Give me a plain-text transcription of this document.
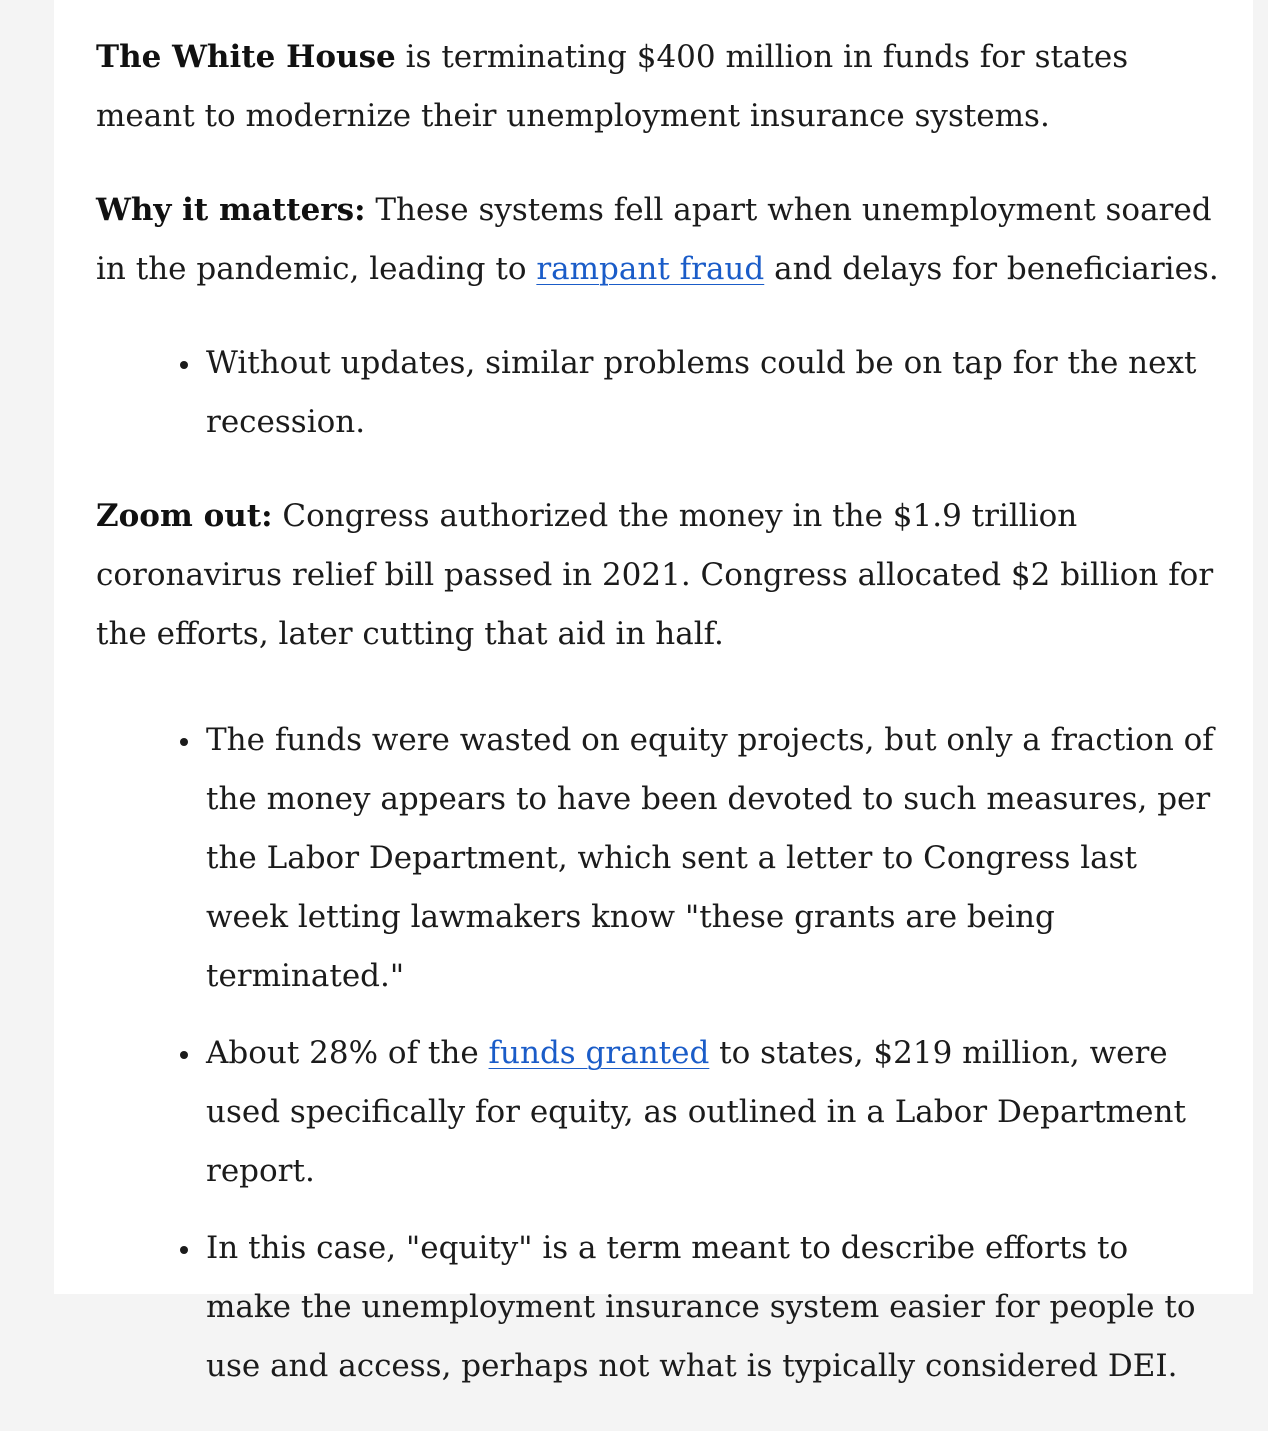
The White House is terminating $400 million in funds for states meant to modernize their unemployment insurance systems.

Why it matters: These systems fell apart when unemployment soared in the pandemic, leading to rampant fraud and delays for beneficiaries.

Without updates, similar problems could be on tap for the next recession.

Zoom out: Congress authorized the money in the $1.9 trillion coronavirus relief bill passed in 2021. Congress allocated $2 billion for the efforts, later cutting that aid in half.

The funds were wasted on equity projects, but only a fraction of the money appears to have been devoted to such measures, per the Labor Department, which sent a letter to Congress last week letting lawmakers know "these grants are being terminated."
About 28% of the funds granted to states, $219 million, were used specifically for equity, as outlined in a Labor Department report.
In this case, "equity" is a term meant to describe efforts to make the unemployment insurance system easier for people to use and access, perhaps not what is typically considered DEI.
